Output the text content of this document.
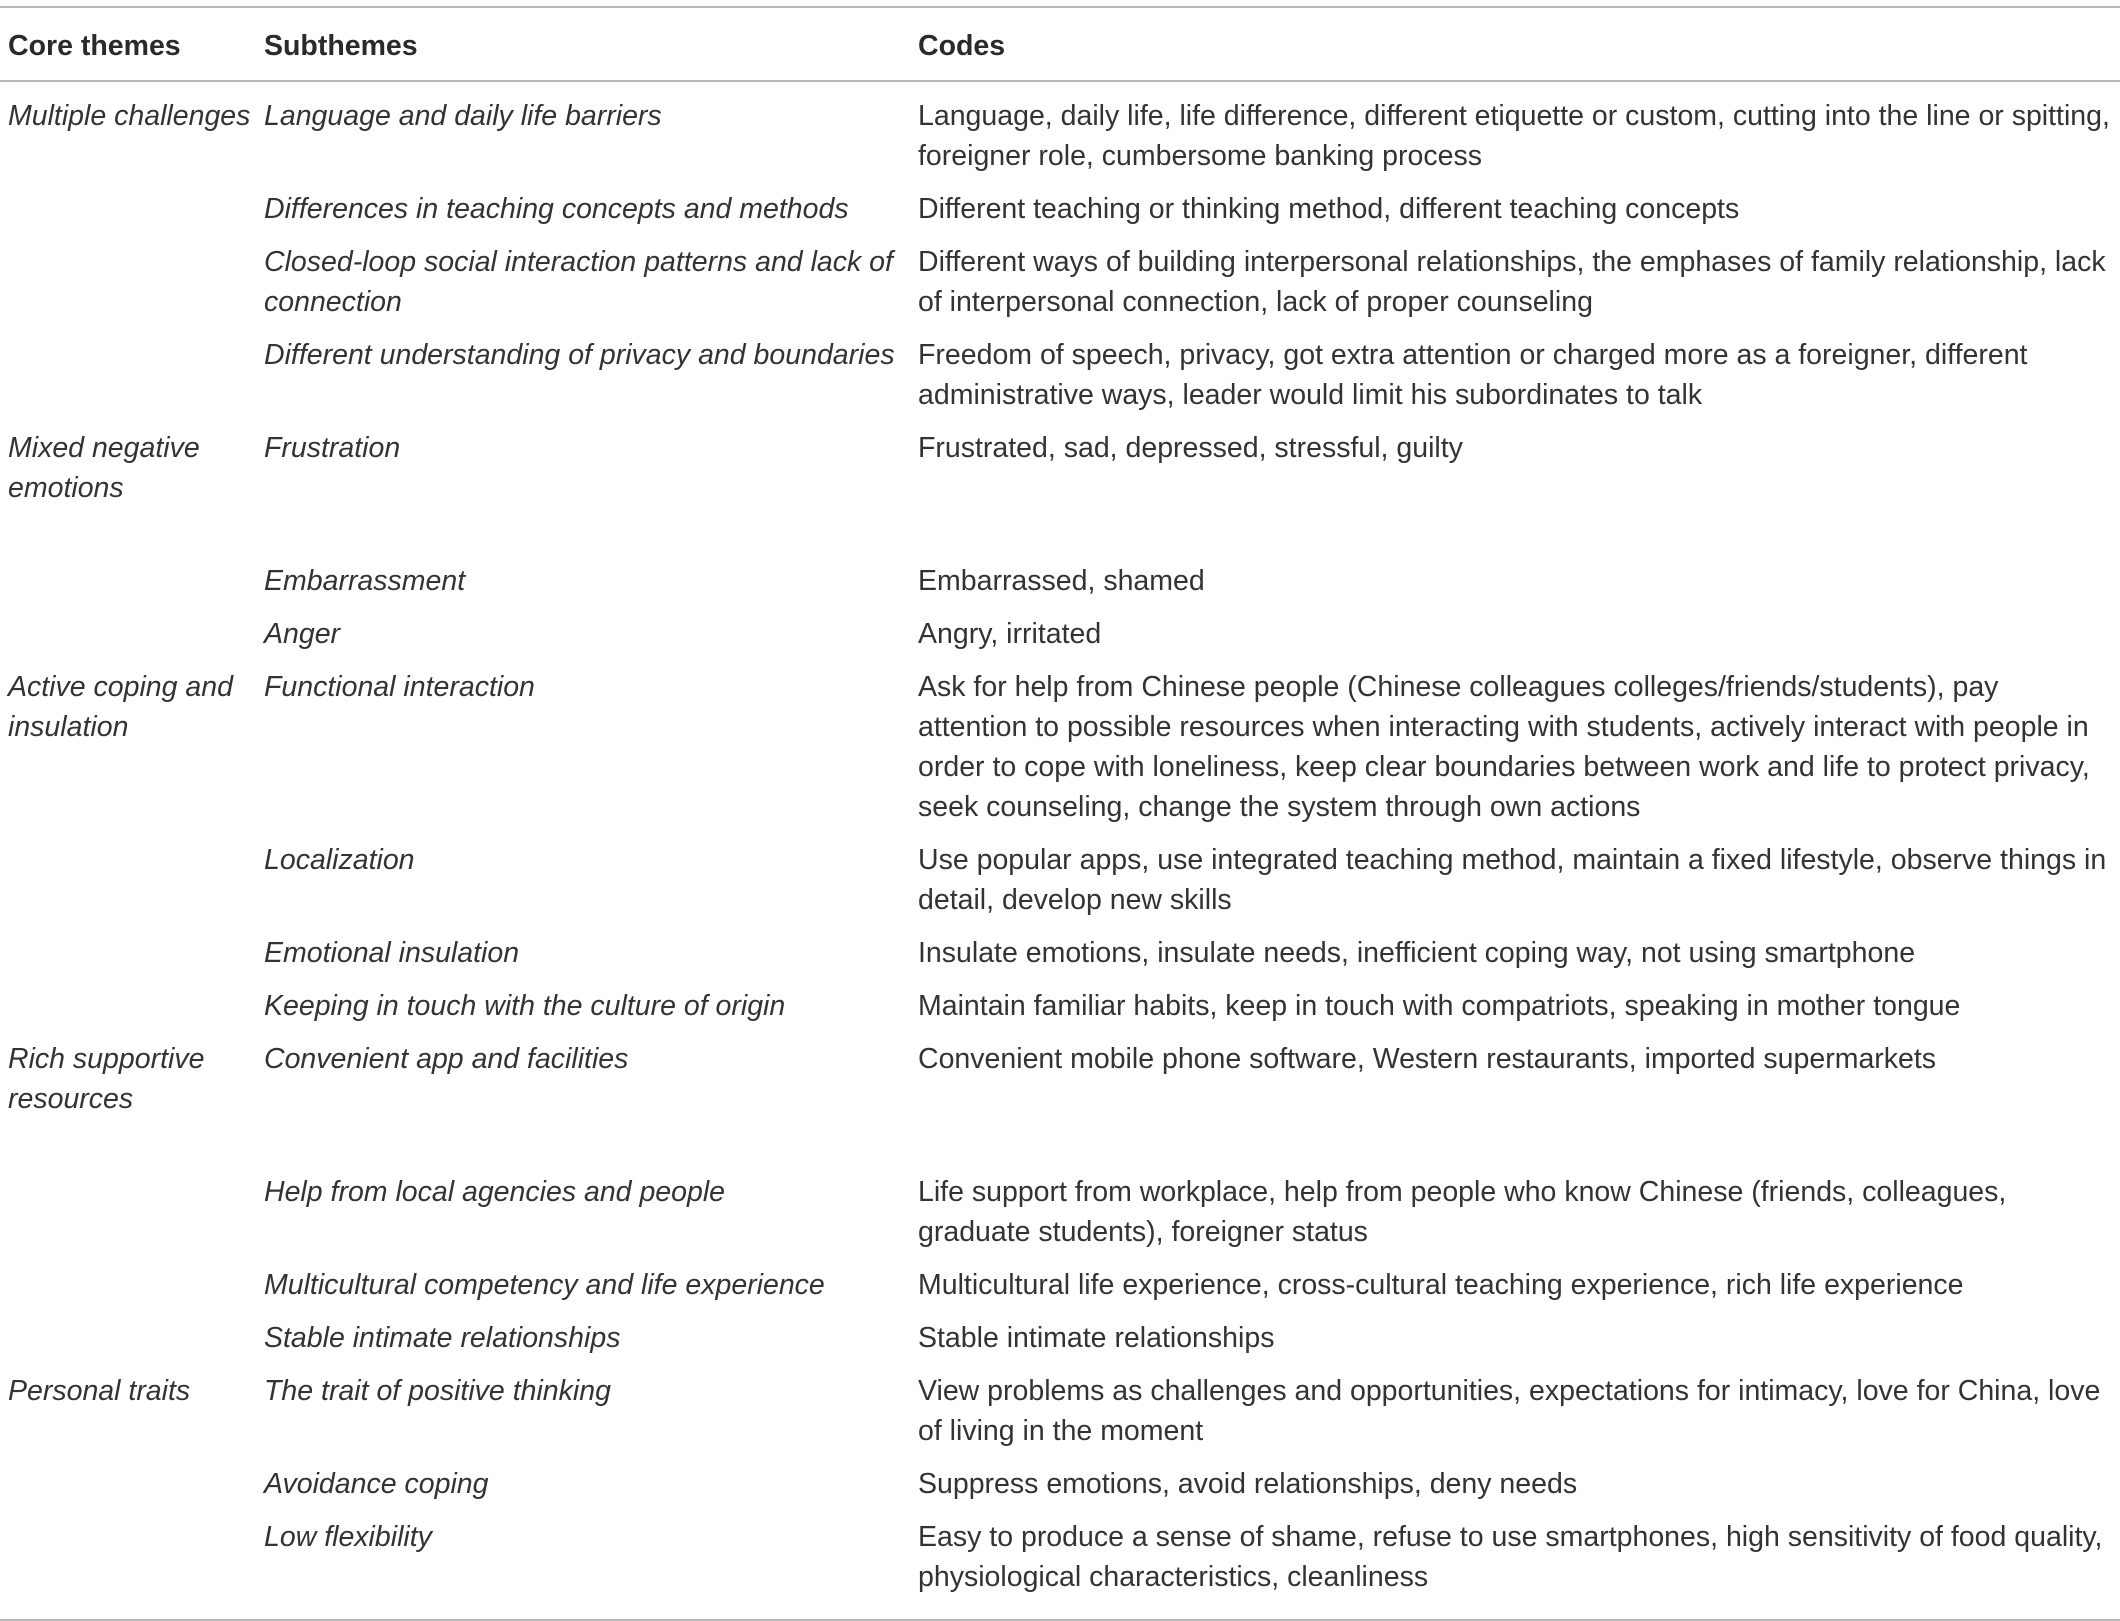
Core themes	Subthemes	Codes
Multiple challenges	Language and daily life barriers	Language, daily life, life difference, different etiquette or custom, cutting into the line or spitting, foreigner role, cumbersome banking process
	Differences in teaching concepts and methods	Different teaching or thinking method, different teaching concepts
	Closed-loop social interaction patterns and lack of connection	Different ways of building interpersonal relationships, the emphases of family relationship, lack of interpersonal connection, lack of proper counseling
	Different understanding of privacy and boundaries	Freedom of speech, privacy, got extra attention or charged more as a foreigner, different administrative ways, leader would limit his subordinates to talk
Mixed negative emotions	Frustration	Frustrated, sad, depressed, stressful, guilty
	Embarrassment	Embarrassed, shamed
	Anger	Angry, irritated
Active coping and insulation	Functional interaction	Ask for help from Chinese people (Chinese colleagues colleges/friends/students), pay attention to possible resources when interacting with students, actively interact with people in order to cope with loneliness, keep clear boundaries between work and life to protect privacy, seek counseling, change the system through own actions
	Localization	Use popular apps, use integrated teaching method, maintain a fixed lifestyle, observe things in detail, develop new skills
	Emotional insulation	Insulate emotions, insulate needs, inefficient coping way, not using smartphone
	Keeping in touch with the culture of origin	Maintain familiar habits, keep in touch with compatriots, speaking in mother tongue
Rich supportive resources	Convenient app and facilities	Convenient mobile phone software, Western restaurants, imported supermarkets
	Help from local agencies and people	Life support from workplace, help from people who know Chinese (friends, colleagues, graduate students), foreigner status
	Multicultural competency and life experience	Multicultural life experience, cross-cultural teaching experience, rich life experience
	Stable intimate relationships	Stable intimate relationships
Personal traits	The trait of positive thinking	View problems as challenges and opportunities, expectations for intimacy, love for China, love of living in the moment
	Avoidance coping	Suppress emotions, avoid relationships, deny needs
	Low flexibility	Easy to produce a sense of shame, refuse to use smartphones, high sensitivity of food quality, physiological characteristics, cleanliness
